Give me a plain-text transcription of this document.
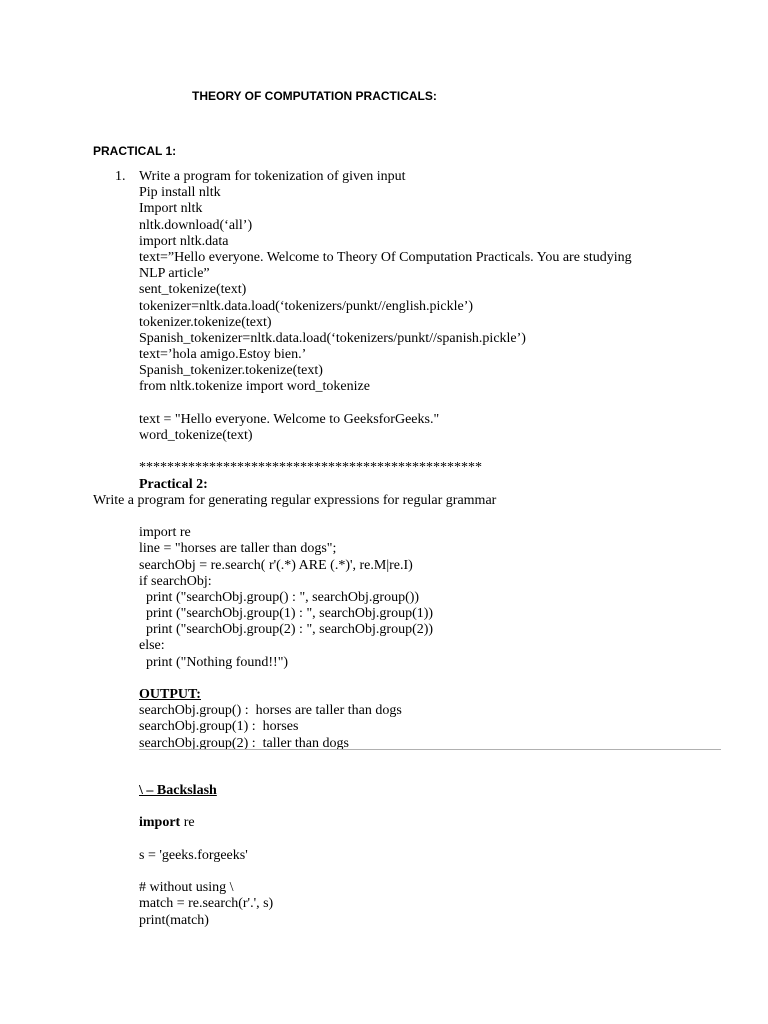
THEORY OF COMPUTATION PRACTICALS:
PRACTICAL 1:
1. Write a program for tokenization of given input
Pip install nltk
Import nltk
nltk.download(‘all’)
import nltk.data
text=”Hello everyone. Welcome to Theory Of Computation Practicals. You are studying
NLP article”
sent_tokenize(text)
tokenizer=nltk.data.load(‘tokenizers/punkt//english.pickle’)
tokenizer.tokenize(text)
Spanish_tokenizer=nltk.data.load(‘tokenizers/punkt//spanish.pickle’)
text=’hola amigo.Estoy bien.’
Spanish_tokenizer.tokenize(text)
from nltk.tokenize import word_tokenize
text = "Hello everyone. Welcome to GeeksforGeeks."
word_tokenize(text)
*************************************************
Practical 2:
Write a program for generating regular expressions for regular grammar
import re
line = "horses are taller than dogs";
searchObj = re.search( r'(.*) ARE (.*)', re.M|re.I)
if searchObj:
print ("searchObj.group() : ", searchObj.group())
print ("searchObj.group(1) : ", searchObj.group(1))
print ("searchObj.group(2) : ", searchObj.group(2))
else:
print ("Nothing found!!")
OUTPUT:
searchObj.group() :  horses are taller than dogs
searchObj.group(1) :  horses
searchObj.group(2) :  taller than dogs
\ – Backslash
import re
s = 'geeks.forgeeks'
# without using \
match = re.search(r'.', s)
print(match)
